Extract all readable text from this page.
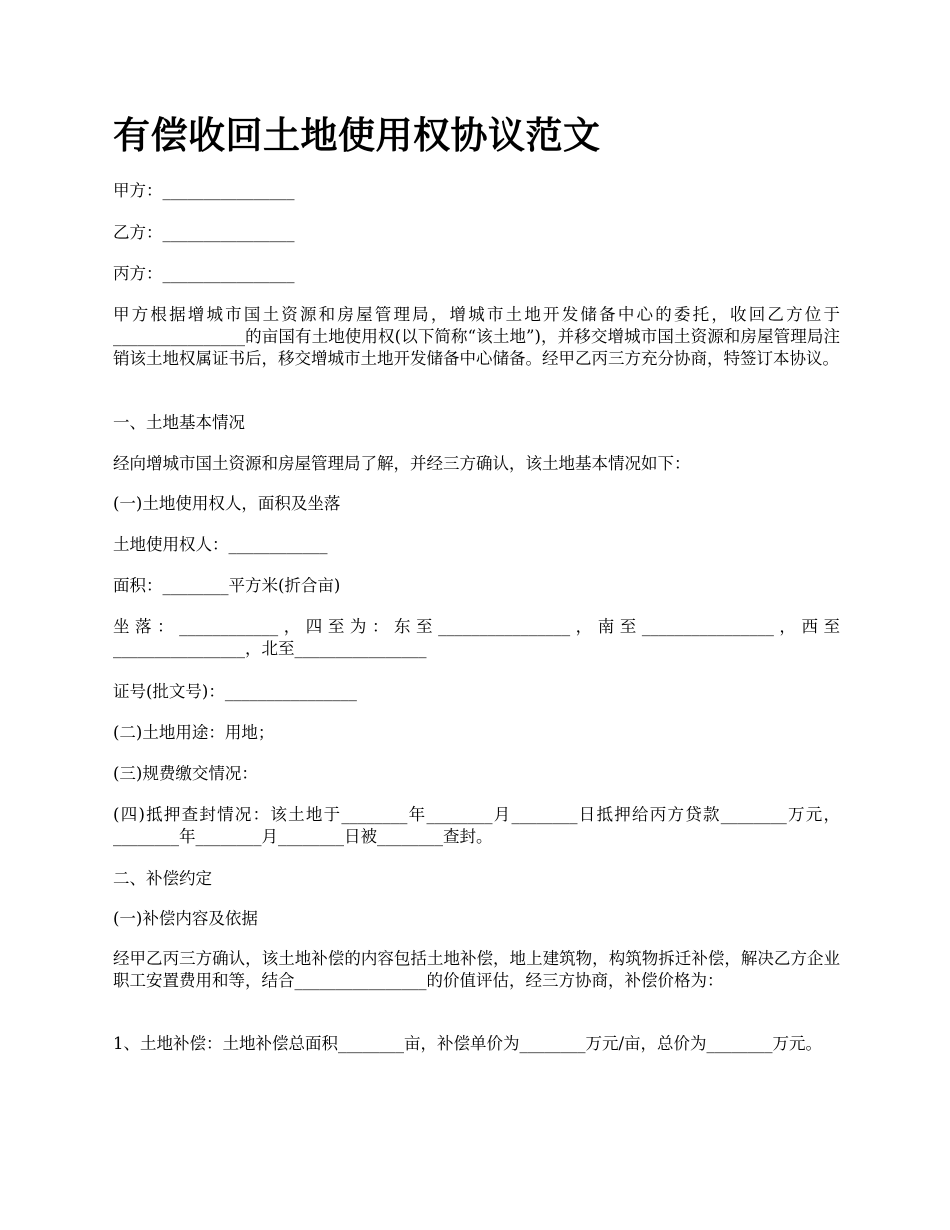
有偿收回土地使用权协议范文

甲方：________________

乙方：________________

丙方：________________

甲方根据增城市国土资源和房屋管理局，增城市土地开发储备中心的委托，收回乙方位于________________的亩国有土地使用权(以下简称“该土地”)，并移交增城市国土资源和房屋管理局注销该土地权属证书后，移交增城市土地开发储备中心储备。经甲乙丙三方充分协商，特签订本协议。

一、土地基本情况

经向增城市国土资源和房屋管理局了解，并经三方确认，该土地基本情况如下：

(一)土地使用权人，面积及坐落

土地使用权人：____________

面积：________平方米(折合亩)

坐落：____________，四至为：东至________________，南至________________，西至________________，北至________________

证号(批文号)：________________

(二)土地用途：用地；

(三)规费缴交情况：

(四)抵押查封情况：该土地于________年________月________日抵押给丙方贷款________万元，________年________月________日被________查封。

二、补偿约定

(一)补偿内容及依据

经甲乙丙三方确认，该土地补偿的内容包括土地补偿，地上建筑物，构筑物拆迁补偿，解决乙方企业职工安置费用和等，结合________________的价值评估，经三方协商，补偿价格为：

1、土地补偿：土地补偿总面积________亩，补偿单价为________万元/亩，总价为________万元。
